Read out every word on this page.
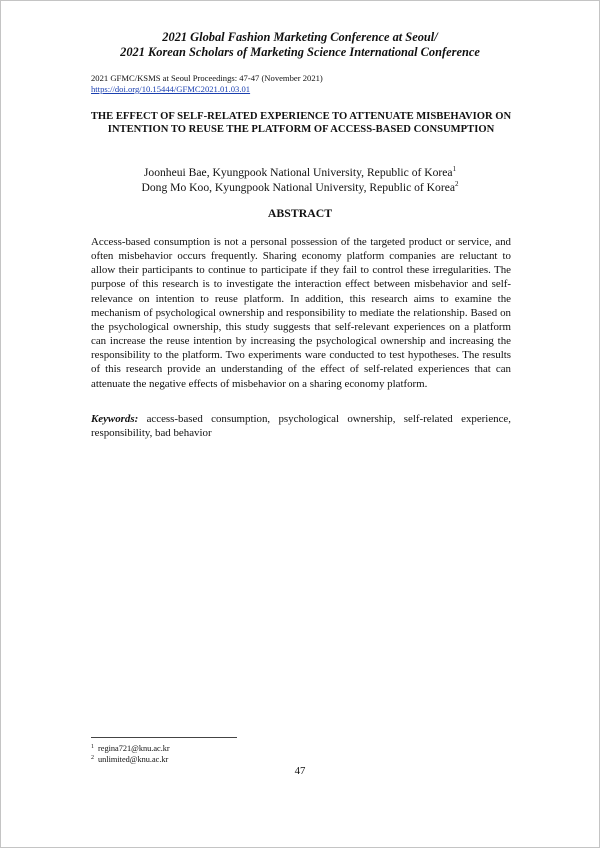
2021 Global Fashion Marketing Conference at Seoul/
2021 Korean Scholars of Marketing Science International Conference
2021 GFMC/KSMS at Seoul Proceedings: 47-47 (November 2021)
https://doi.org/10.15444/GFMC2021.01.03.01
THE EFFECT OF SELF-RELATED EXPERIENCE TO ATTENUATE MISBEHAVIOR ON INTENTION TO REUSE THE PLATFORM OF ACCESS-BASED CONSUMPTION
Joonheui Bae, Kyungpook National University, Republic of Korea$^1$
Dong Mo Koo, Kyungpook National University, Republic of Korea$^2$
ABSTRACT

Access-based consumption is not a personal possession of the targeted product or service, and often misbehavior occurs frequently. Sharing economy platform companies are reluctant to allow their participants to continue to participate if they fail to control these irregularities. The purpose of this research is to investigate the interaction effect between misbehavior and self-relevance on intention to reuse platform. In addition, this research aims to examine the mechanism of psychological ownership and responsibility to mediate the relationship. Based on the psychological ownership, this study suggests that self-relevant experiences on a platform can increase the reuse intention by increasing the psychological ownership and increasing the responsibility to the platform. Two experiments ware conducted to test hypotheses. The results of this research provide an understanding of the effect of self-related experiences that can attenuate the negative effects of misbehavior on a sharing economy platform.

Keywords: access-based consumption, psychological ownership, self-related experience, responsibility, bad behavior

$^1$ regina721@knu.ac.kr
$^2$ unlimited@knu.ac.kr
47
